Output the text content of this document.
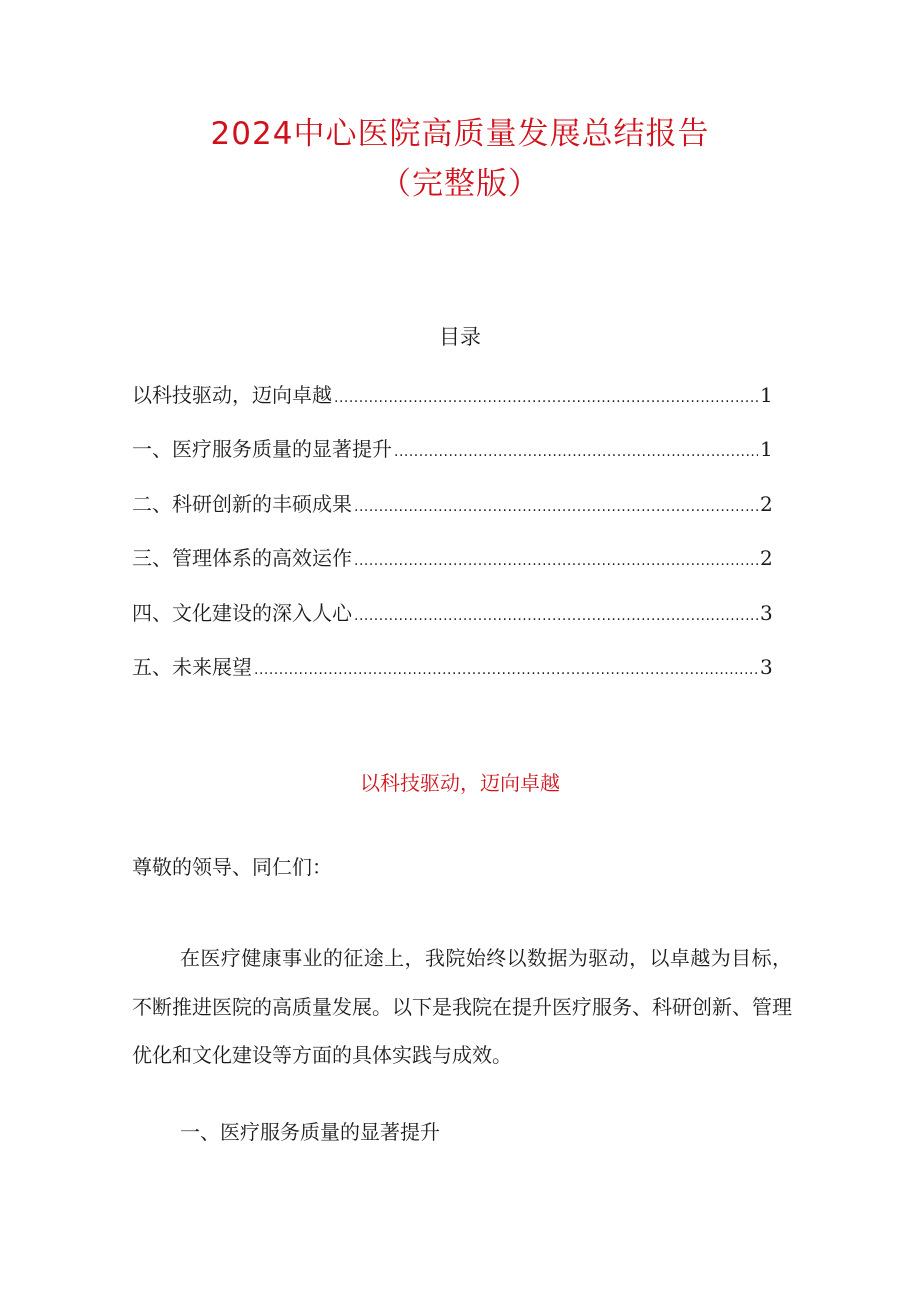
2024中心医院高质量发展总结报告
（完整版）
目录
以科技驱动，迈向卓越 .....	1
一、医疗服务质量的显著提升 .....	1
二、科研创新的丰硕成果 .....	2
三、管理体系的高效运作 .....	2
四、文化建设的深入人心 .....	3
五、未来展望 .....	3
以科技驱动，迈向卓越
尊敬的领导、同仁们：

在医疗健康事业的征途上，我院始终以数据为驱动，以卓越为目标，不断推进医院的高质量发展。以下是我院在提升医疗服务、科研创新、管理优化和文化建设等方面的具体实践与成效。

一、医疗服务质量的显著提升
